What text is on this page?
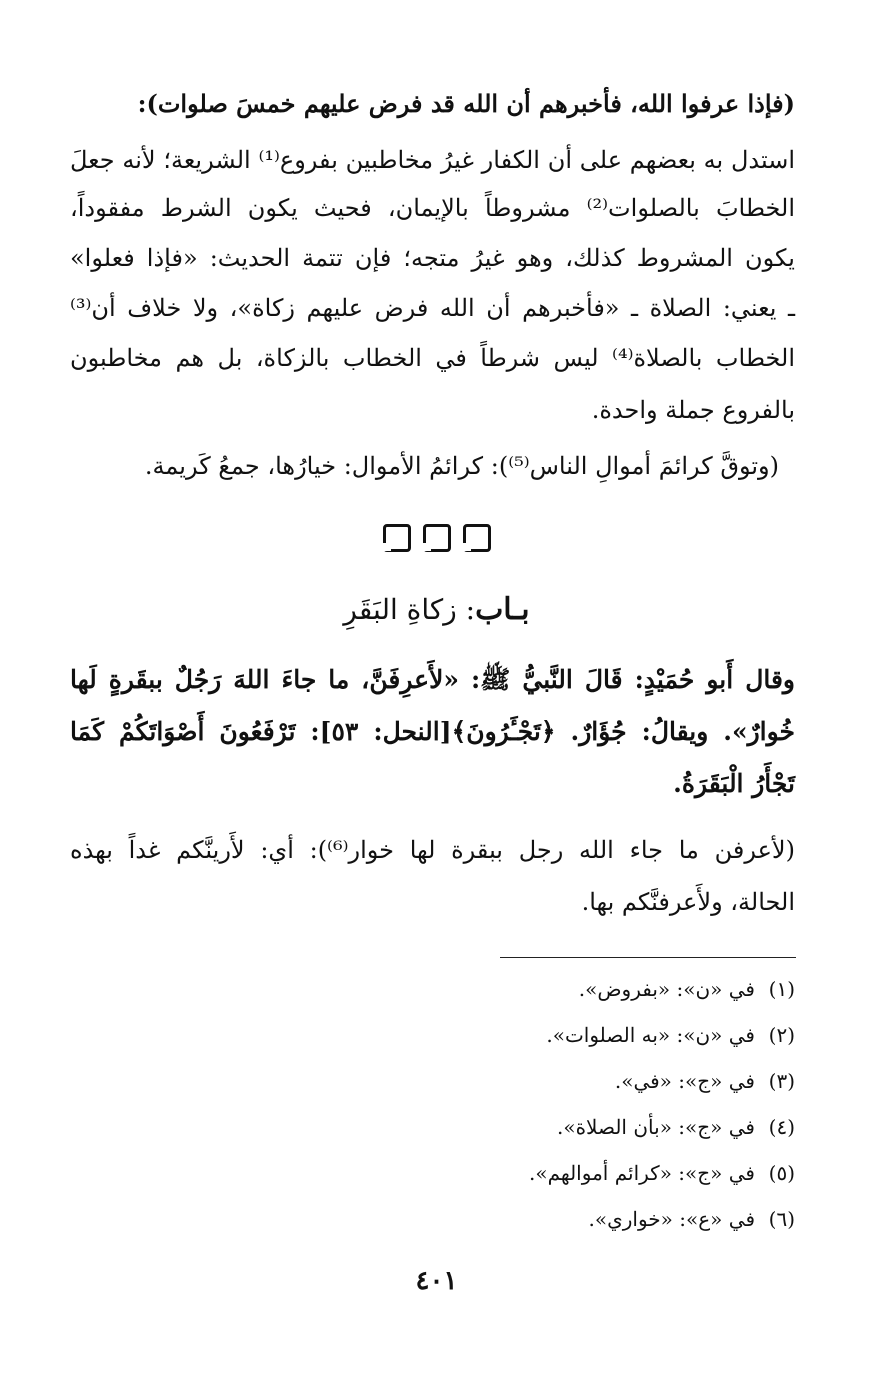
(فإذا عرفوا الله، فأخبرهم أن الله قد فرض عليهم خمسَ صلوات):
استدل به بعضهم على أن الكفار غيرُ مخاطبين بفروع⁽¹⁾ الشريعة؛ لأنه جعلَ
الخطابَ بالصلوات⁽²⁾ مشروطاً بالإيمان، فحيث يكون الشرط مفقوداً،
يكون المشروط كذلك، وهو غيرُ متجه؛ فإن تتمة الحديث: «فإذا فعلوا»
ـ يعني: الصلاة ـ «فأخبرهم أن الله فرض عليهم زكاة»، ولا خلاف أن⁽³⁾
الخطاب بالصلاة⁽⁴⁾ ليس شرطاً في الخطاب بالزكاة، بل هم مخاطبون
بالفروع جملة واحدة.
(وتوقَّ كرائمَ أموالِ الناس⁽⁵⁾): كرائمُ الأموال: خيارُها، جمعُ كَريمة.
بـاب: زكاةِ البَقَرِ
وقال أَبو حُمَيْدٍ: قَالَ النَّبيُّ ﷺ: «لأَعرِفَنَّ، ما جاءَ اللهَ رَجُلٌ ببقَرةٍ لَها
خُوارٌ». ويقالُ: جُؤَارٌ. ﴿تَجْـَٔرُونَ﴾[النحل: ٥٣]: تَرْفَعُونَ أَصْوَاتَكُمْ كَمَا
تَجْأَرُ الْبَقَرَةُ.
(لأعرفن ما جاء الله رجل ببقرة لها خوار⁽⁶⁾): أي: لأَرينَّكم غداً بهذه
الحالة، ولأَعرفنَّكم بها.
(١)في «ن»: «بفروض».
(٢)في «ن»: «به الصلوات».
(٣)في «ج»: «في».
(٤)في «ج»: «بأن الصلاة».
(٥)في «ج»: «كرائم أموالهم».
(٦)في «ع»: «خواري».
٤٠١
